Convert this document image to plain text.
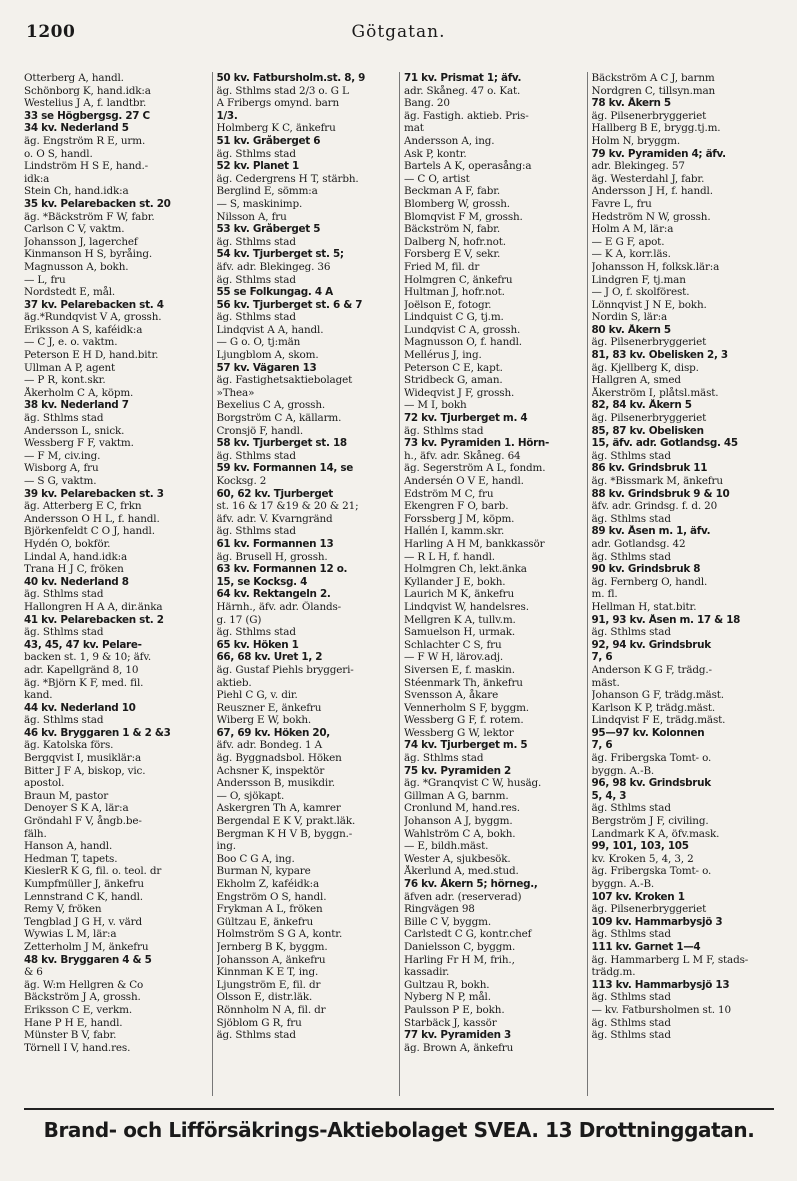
1200	Götgatan.
Otterberg A, handl.
Schönborg K, hand.idk:a
Westelius J A, f. landtbr.
33 se Högbergsg. 27 C
34 kv. Nederland 5
äg. Engström R E, urm.
o. O S, handl.
Lindström H S E, hand.-
idk:a
Stein Ch, hand.idk:a
35 kv. Pelarebacken st. 20
äg. *Bäckström F W, fabr.
Carlson C V, vaktm.
Johansson J, lagerchef
Kinmanson H S, byråing.
Magnusson A, bokh.
— L, fru
Nordstedt E, mål.
37 kv. Pelarebacken st. 4
äg.*Rundqvist V A, grossh.
Eriksson A S, kaféidk:a
— C J, e. o. vaktm.
Peterson E H D, hand.bitr.
Ullman A P, agent
— P R, kont.skr.
Åkerholm C A, köpm.
38 kv. Nederland 7
äg. Sthlms stad
Andersson L, snick.
Wessberg F F, vaktm.
— F M, civ.ing.
Wisborg A, fru
— S G, vaktm.
39 kv. Pelarebacken st. 3
äg. Atterberg E C, frkn
Andersson O H L, f. handl.
Björkenfeldt C O J, handl.
Hydén O, bokför.
Lindal A, hand.idk:a
Trana H J C, fröken
40 kv. Nederland 8
äg. Sthlms stad
Hallongren H A A, dir.änka
41 kv. Pelarebacken st. 2
äg. Sthlms stad
43, 45, 47 kv. Pelare-
backen st. 1, 9 & 10; äfv.
adr. Kapellgränd 8, 10
äg. *Björn K F, med. fil.
kand.
44 kv. Nederland 10
äg. Sthlms stad
46 kv. Bryggaren 1 & 2 &3
äg. Katolska förs.
Bergqvist I, musiklär:a
Bitter J F A, biskop, vic.
apostol.
Braun M, pastor
Denoyer S K A, lär:a
Gröndahl F V, ångb.be-
fälh.
Hanson A, handl.
Hedman T, tapets.
KieslerR K G, fil. o. teol. dr
Kumpfmüller J, änkefru
Lennstrand C K, handl.
Remy V, fröken
Tengblad J G H, v. värd
Wywias L M, lär:a
Zetterholm J M, änkefru
48 kv. Bryggaren 4 & 5
& 6
äg. W:m Hellgren & Co
Bäckström J A, grossh.
Eriksson C E, verkm.
Hane P H E, handl.
Münster B V, fabr.
Törnell I V, hand.res.
50 kv. Fatbursholm.st. 8, 9
äg. Sthlms stad 2/3 o. G L
A Fribergs omynd. barn
1/3.
Holmberg K C, änkefru
51 kv. Gråberget 6
äg. Sthlms stad
52 kv. Planet 1
äg. Cedergrens H T, stärbh.
Berglind E, sömm:a
— S, maskinimp.
Nilsson A, fru
53 kv. Gråberget 5
äg. Sthlms stad
54 kv. Tjurberget st. 5;
äfv. adr. Blekingeg. 36
äg. Sthlms stad
55 se Folkungag. 4 A
56 kv. Tjurberget st. 6 & 7
äg. Sthlms stad
Lindqvist A A, handl.
— G o. O, tj:män
Ljungblom A, skom.
57 kv. Vägaren 13
äg. Fastighetsaktiebolaget
»Thea»
Bexelius C A, grossh.
Borgström C A, källarm.
Cronsjö F, handl.
58 kv. Tjurberget st. 18
äg. Sthlms stad
59 kv. Formannen 14, se
Kocksg. 2
60, 62 kv. Tjurberget
st. 16 & 17 &19 & 20 & 21;
äfv. adr. V. Kvarngränd
äg. Sthlms stad
61 kv. Formannen 13
äg. Brusell H, grossh.
63 kv. Formannen 12 o.
15, se Kocksg. 4
64 kv. Rektangeln 2.
Härnh., äfv. adr. Ölands-
g. 17 (G)
äg. Sthlms stad
65 kv. Höken 1
66, 68 kv. Uret 1, 2
äg. Gustaf Piehls bryggeri-
aktieb.
Piehl C G, v. dir.
Reuszner E, änkefru
Wiberg E W, bokh.
67, 69 kv. Höken 20,
äfv. adr. Bondeg. 1 A
äg. Byggnadsbol. Höken
Achsner K, inspektör
Andersson B, musikdir.
— O, sjökapt.
Askergren Th A, kamrer
Bergendal E K V, prakt.läk.
Bergman K H V B, byggn.-
ing.
Boo C G A, ing.
Burman N, kypare
Ekholm Z, kaféidk:a
Engström O S, handl.
Frykman A L, fröken
Gültzau E, änkefru
Holmström S G A, kontr.
Jernberg B K, byggm.
Johansson A, änkefru
Kinnman K E T, ing.
Ljungström E, fil. dr
Olsson E, distr.läk.
Rönnholm N A, fil. dr
Sjöblom G R, fru
äg. Sthlms stad
71 kv. Prismat 1; äfv.
adr. Skåneg. 47 o. Kat.
Bang. 20
äg. Fastigh. aktieb. Pris-
mat
Andersson A, ing.
Ask P, kontr.
Bartels A K, operasång:a
— C O, artist
Beckman A F, fabr.
Blomberg W, grossh.
Blomqvist F M, grossh.
Bäckström N, fabr.
Dalberg N, hofr.not.
Forsberg E V, sekr.
Fried M, fil. dr
Holmgren C, änkefru
Hultman J, hofr.not.
Joëlson E, fotogr.
Lindquist C G, tj.m.
Lundqvist C A, grossh.
Magnusson O, f. handl.
Mellérus J, ing.
Peterson C E, kapt.
Stridbeck G, aman.
Wideqvist J F, grossh.
— M I, bokh
72 kv. Tjurberget m. 4
äg. Sthlms stad
73 kv. Pyramiden 1. Hörn-
h., äfv. adr. Skåneg. 64
äg. Segerström A L, fondm.
Andersén O V E, handl.
Edström M C, fru
Ekengren F O, barb.
Forssberg J M, köpm.
Hallén I, kamm.skr.
Harling A H M, bankkassör
— R L H, f. handl.
Holmgren Ch, lekt.änka
Kyllander J E, bokh.
Laurich M K, änkefru
Lindqvist W, handelsres.
Mellgren K A, tullv.m.
Samuelson H, urmak.
Schlachter C S, fru
— F W H, lärov.adj.
Siversen E, f. maskin.
Stéenmark Th, änkefru
Svensson A, åkare
Vennerholm S F, byggm.
Wessberg G F, f. rotem.
Wessberg G W, lektor
74 kv. Tjurberget m. 5
äg. Sthlms stad
75 kv. Pyramiden 2
äg. *Granqvist C W, husäg.
Gillman A G, barnm.
Cronlund M, hand.res.
Johanson A J, byggm.
Wahlström C A, bokh.
— E, bildh.mäst.
Wester A, sjukbesök.
Åkerlund A, med.stud.
76 kv. Åkern 5; hörneg.,
äfven adr. (reserverad)
Ringvägen 98
Bille C V, byggm.
Carlstedt C G, kontr.chef
Danielsson C, byggm.
Harling Fr H M, frih.,
kassadir.
Gultzau R, bokh.
Nyberg N P, mål.
Paulsson P E, bokh.
Starbäck J, kassör
77 kv. Pyramiden 3
äg. Brown A, änkefru
Bäckström A C J, barnm
Nordgren C, tillsyn.man
78 kv. Åkern 5
äg. Pilsenerbryggeriet
Hallberg B E, brygg.tj.m.
Holm N, bryggm.
79 kv. Pyramiden 4; äfv.
adr. Blekingeg. 57
äg. Westerdahl J, fabr.
Andersson J H, f. handl.
Favre L, fru
Hedström N W, grossh.
Holm A M, lär:a
— E G F, apot.
— K A, korr.läs.
Johansson H, folksk.lär:a
Lindgren F, tj.man
— J O, f. skolförest.
Lönnqvist J N E, bokh.
Nordin S, lär:a
80 kv. Åkern 5
äg. Pilsenerbryggeriet
81, 83 kv. Obelisken 2, 3
äg. Kjellberg K, disp.
Hallgren A, smed
Åkerström I, plåtsl.mäst.
82, 84 kv. Åkern 5
äg. Pilsenerbryggeriet
85, 87 kv. Obelisken
15, äfv. adr. Gotlandsg. 45
äg. Sthlms stad
86 kv. Grindsbruk 11
äg. *Bissmark M, änkefru
88 kv. Grindsbruk 9 & 10
äfv. adr. Grindsg. f. d. 20
äg. Sthlms stad
89 kv. Åsen m. 1, äfv.
adr. Gotlandsg. 42
äg. Sthlms stad
90 kv. Grindsbruk 8
äg. Fernberg O, handl.
m. fl.
Hellman H, stat.bitr.
91, 93 kv. Åsen m. 17 & 18
äg. Sthlms stad
92, 94 kv. Grindsbruk
7, 6
Anderson K G F, trädg.-
mäst.
Johanson G F, trädg.mäst.
Karlson K P, trädg.mäst.
Lindqvist F E, trädg.mäst.
95—97 kv. Kolonnen
7, 6
äg. Fribergska Tomt- o.
byggn. A.-B.
96, 98 kv. Grindsbruk
5, 4, 3
äg. Sthlms stad
Bergström J F, civiling.
Landmark K A, öfv.mask.
99, 101, 103, 105
kv. Kroken 5, 4, 3, 2
äg. Fribergska Tomt- o.
byggn. A.-B.
107 kv. Kroken 1
äg. Pilsenerbryggeriet
109 kv. Hammarbysjö 3
äg. Sthlms stad
111 kv. Garnet 1—4
äg. Hammarberg L M F, stads-
trädg.m.
113 kv. Hammarbysjö 13
äg. Sthlms stad
— kv. Fatbursholmen st. 10
äg. Sthlms stad
äg. Sthlms stad
Brand- och Lifförsäkrings-Aktiebolaget SVEA. 13 Drottninggatan.
